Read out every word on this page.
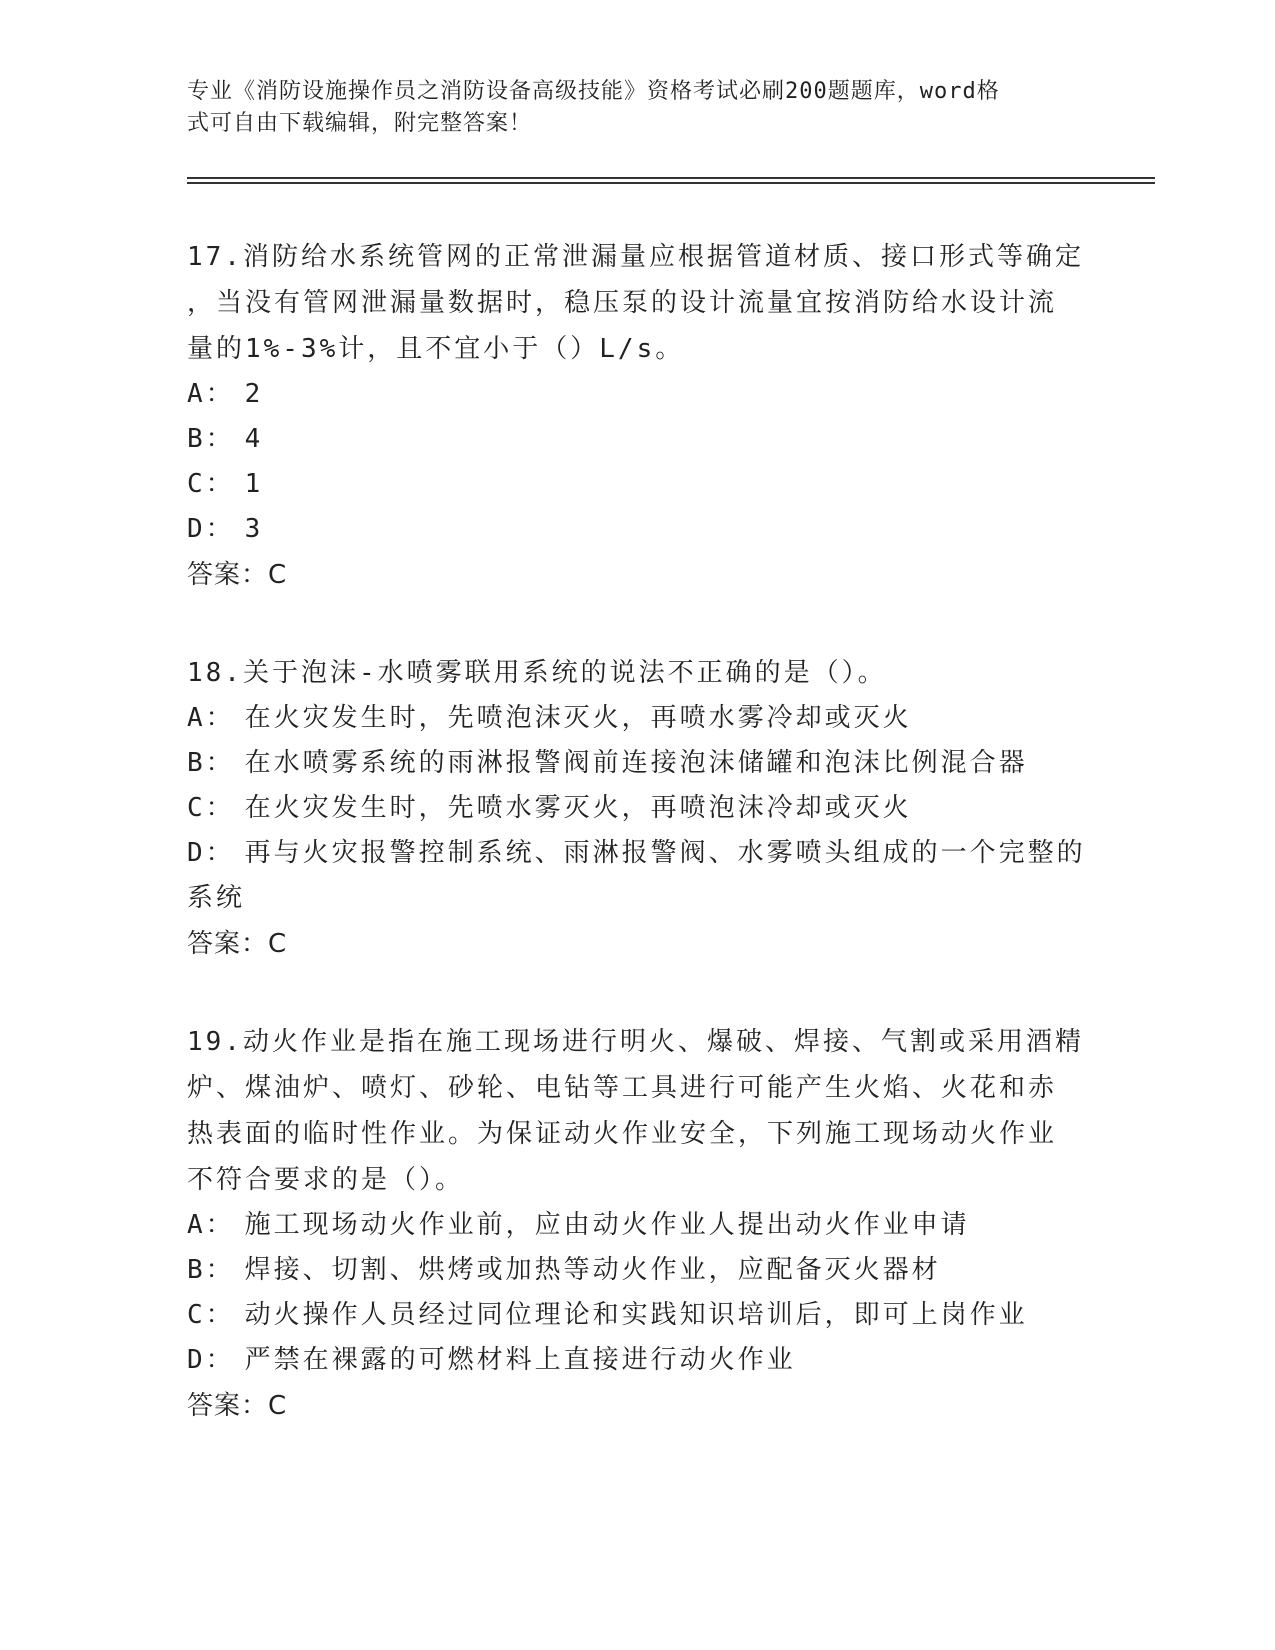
专业《消防设施操作员之消防设备高级技能》资格考试必刷200题题库，word格
式可自由下载编辑，附完整答案！
17.消防给水系统管网的正常泄漏量应根据管道材质、接口形式等确定
，当没有管网泄漏量数据时，稳压泵的设计流量宜按消防给水设计流
量的1%-3%计，且不宜小于（）L/s。
A： 2
B： 4
C： 1
D： 3
答案：C
18.关于泡沫-水喷雾联用系统的说法不正确的是（）。
A： 在火灾发生时，先喷泡沫灭火，再喷水雾冷却或灭火
B： 在水喷雾系统的雨淋报警阀前连接泡沫储罐和泡沫比例混合器
C： 在火灾发生时，先喷水雾灭火，再喷泡沫冷却或灭火
D： 再与火灾报警控制系统、雨淋报警阀、水雾喷头组成的一个完整的
系统
答案：C
19.动火作业是指在施工现场进行明火、爆破、焊接、气割或采用酒精
炉、煤油炉、喷灯、砂轮、电钻等工具进行可能产生火焰、火花和赤
热表面的临时性作业。为保证动火作业安全，下列施工现场动火作业
不符合要求的是（）。
A： 施工现场动火作业前，应由动火作业人提出动火作业申请
B： 焊接、切割、烘烤或加热等动火作业，应配备灭火器材
C： 动火操作人员经过同位理论和实践知识培训后，即可上岗作业
D： 严禁在裸露的可燃材料上直接进行动火作业
答案：C
